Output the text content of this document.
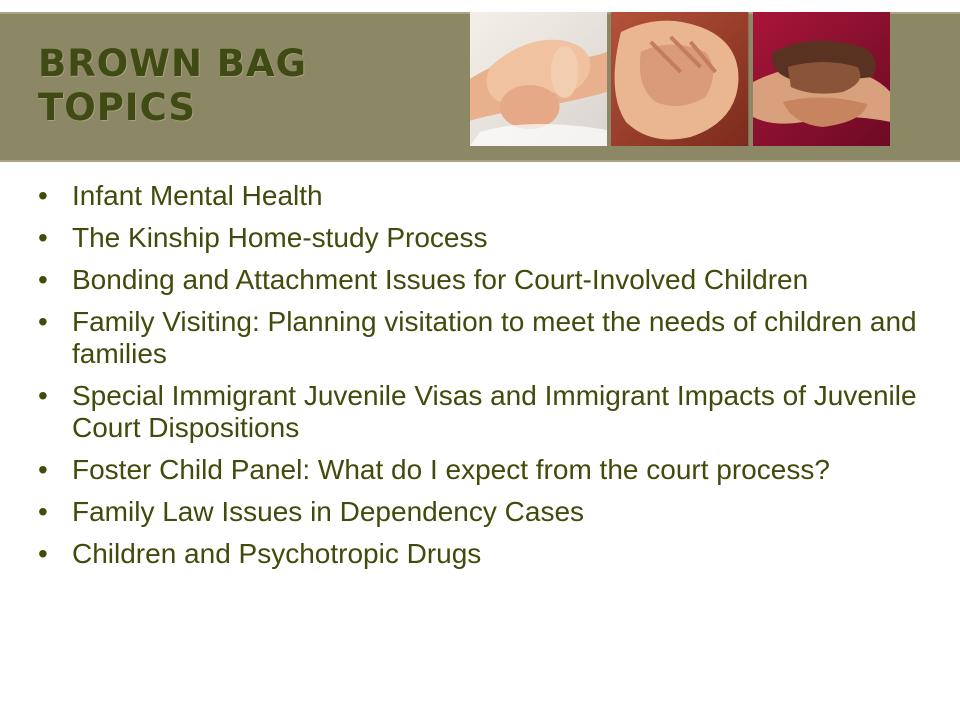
BROWN BAG
TOPICS
• Infant Mental Health
• The Kinship Home-study Process
• Bonding and Attachment Issues for Court-Involved Children
• Family Visiting: Planning visitation to meet the needs of children and families
• Special Immigrant Juvenile Visas and Immigrant Impacts of Juvenile Court Dispositions
• Foster Child Panel: What do I expect from the court process?
• Family Law Issues in Dependency Cases
• Children and Psychotropic Drugs
